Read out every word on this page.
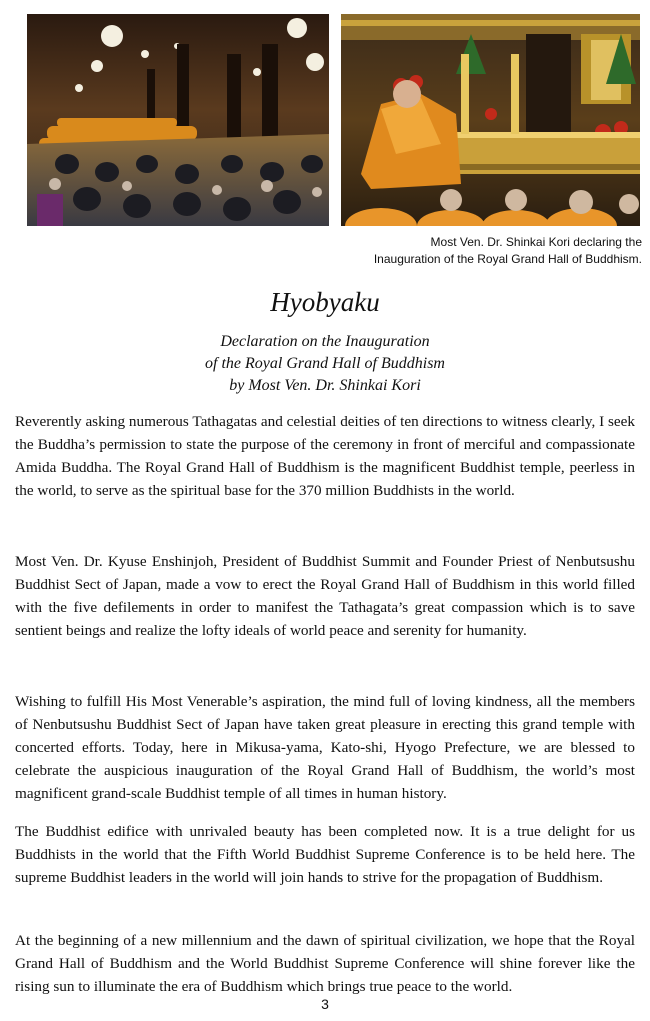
Most Ven. Dr. Shinkai Kori declaring the
Inauguration of the Royal Grand Hall of Buddhism.
Hyobyaku
Declaration on the Inauguration
of the Royal Grand Hall of Buddhism
by Most Ven. Dr. Shinkai Kori

Reverently asking numerous Tathagatas and celestial deities of ten directions to witness clearly, I seek the Buddha’s permission to state the purpose of the ceremony in front of merciful and compassionate Amida Buddha. The Royal Grand Hall of Buddhism is the magnificent Buddhist temple, peerless in the world, to serve as the spiritual base for the 370 million Buddhists in the world.

Most Ven. Dr. Kyuse Enshinjoh, President of Buddhist Summit and Founder Priest of Nenbutsushu Buddhist Sect of Japan, made a vow to erect the Royal Grand Hall of Buddhism in this world filled with the five defilements in order to manifest the Tathagata’s great compassion which is to save sentient beings and realize the lofty ideals of world peace and serenity for humanity.

Wishing to fulfill His Most Venerable’s aspiration, the mind full of loving kindness, all the members of Nenbutsushu Buddhist Sect of Japan have taken great pleasure in erecting this grand temple with concerted efforts. Today, here in Mikusa-yama, Kato-shi, Hyogo Prefecture, we are blessed to celebrate the auspicious inauguration of the Royal Grand Hall of Buddhism, the world’s most magnificent grand-scale Buddhist temple of all times in human history.

The Buddhist edifice with unrivaled beauty has been completed now. It is a true delight for us Buddhists in the world that the Fifth World Buddhist Supreme Conference is to be held here. The supreme Buddhist leaders in the world will join hands to strive for the propagation of Buddhism.

At the beginning of a new millennium and the dawn of spiritual civilization, we hope that the Royal Grand Hall of Buddhism and the World Buddhist Supreme Conference will shine forever like the rising sun to illuminate the era of Buddhism which brings true peace to the world.

3
